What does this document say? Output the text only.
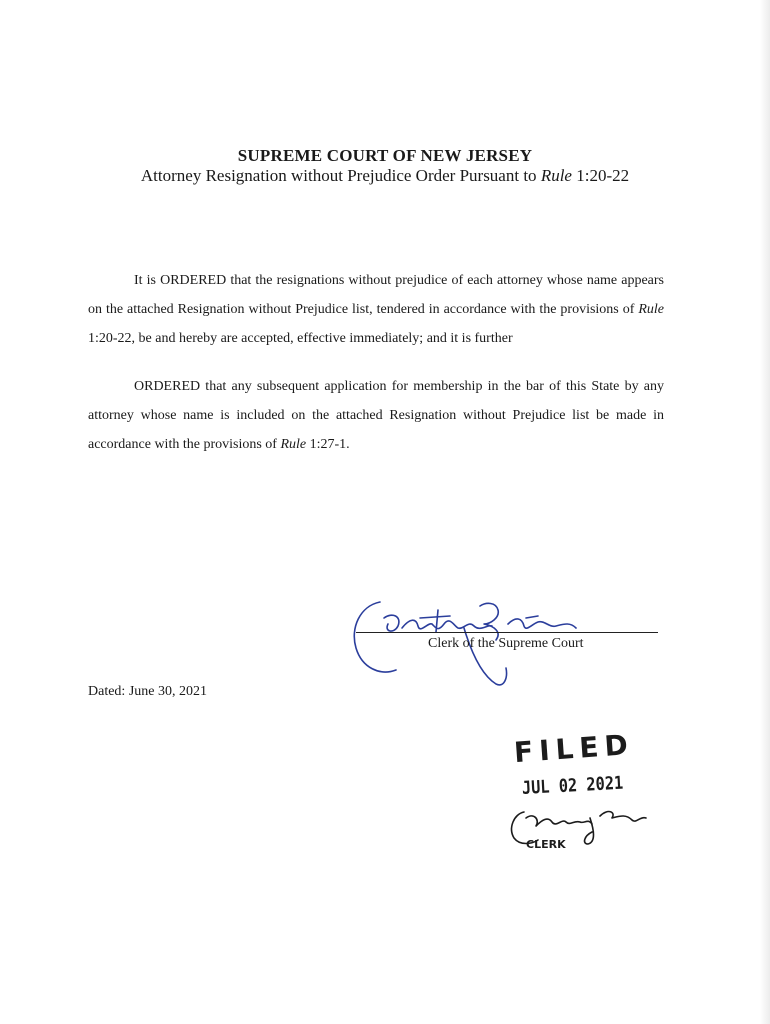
SUPREME COURT OF NEW JERSEY
Attorney Resignation without Prejudice Order Pursuant to Rule 1:20-22
It is ORDERED that the resignations without prejudice of each attorney whose name appears on the attached Resignation without Prejudice list, tendered in accordance with the provisions of Rule 1:20-22, be and hereby are accepted, effective immediately; and it is further
ORDERED that any subsequent application for membership in the bar of this State by any attorney whose name is included on the attached Resignation without Prejudice list be made in accordance with the provisions of Rule 1:27-1.
Clerk of the Supreme Court
Dated: June 30, 2021
FILED
JUL 02 2021
CLERK
